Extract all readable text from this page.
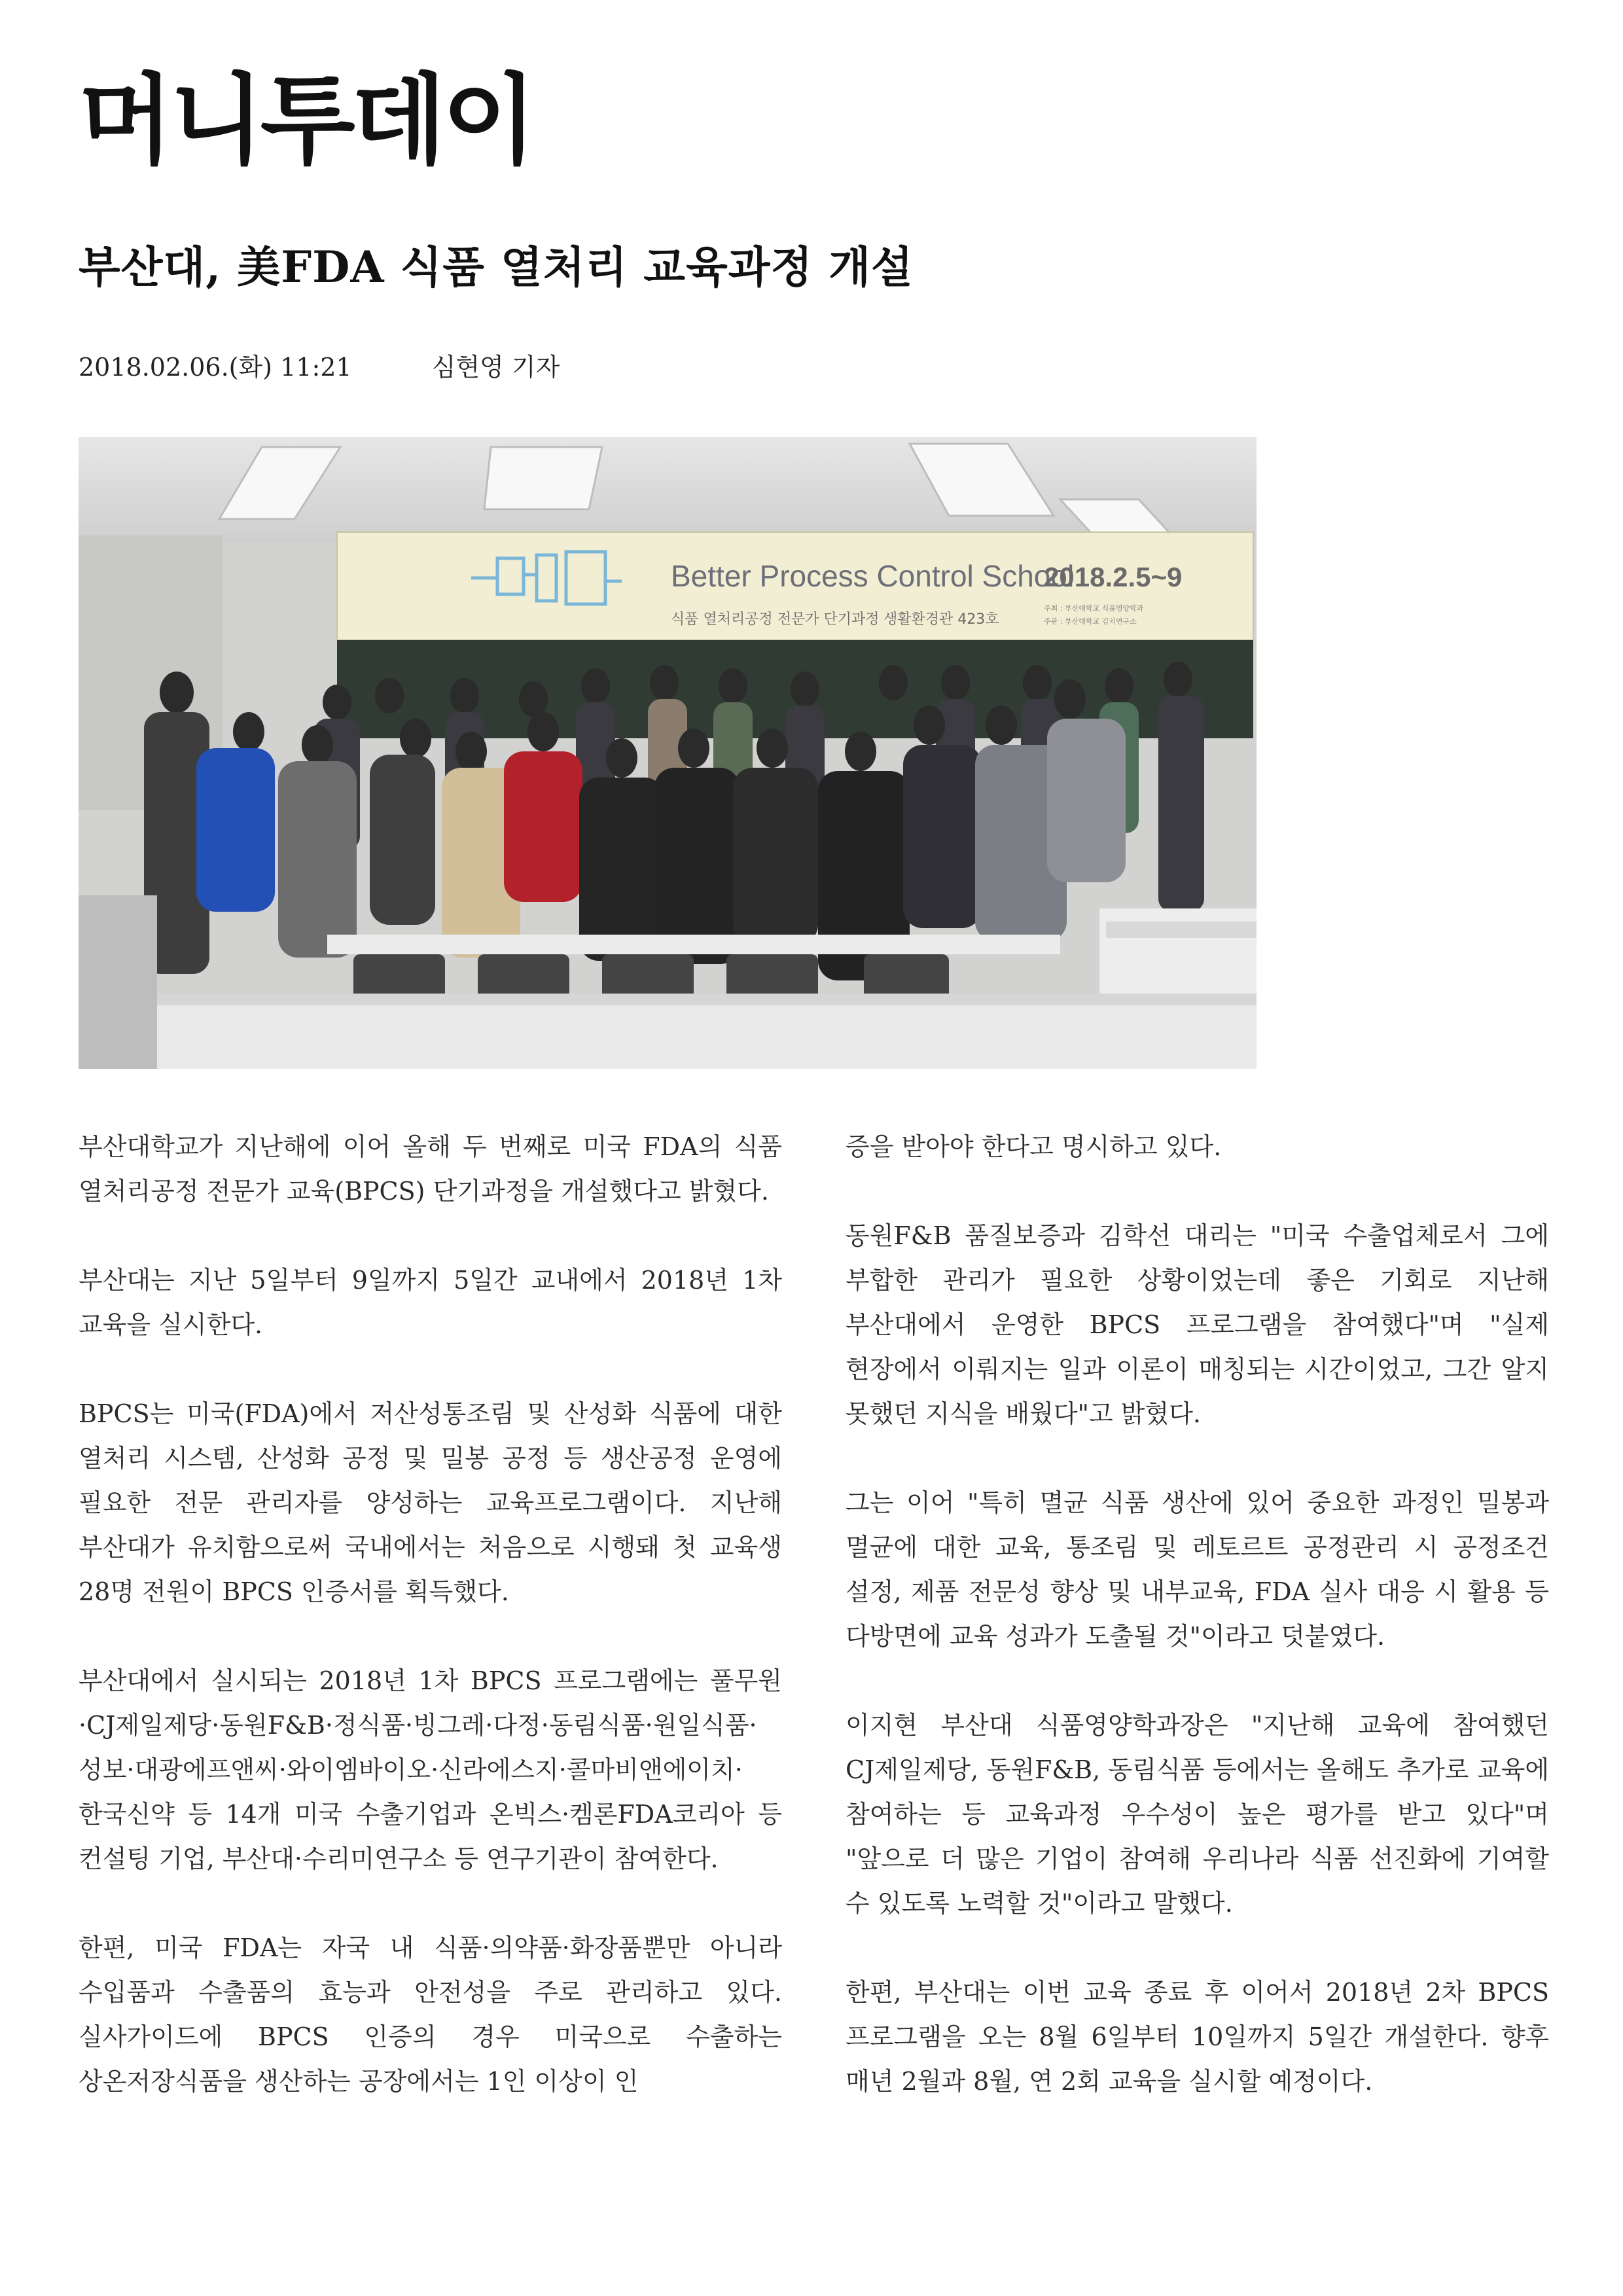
머니투데이
부산대, 美FDA 식품 열처리 교육과정 개설
2018.02.06.(화) 11:21	심현영 기자
Better Process Control School
2018.2.5~9
식품 열처리공정 전문가 단기과정 생활환경관 423호
주최 : 부산대학교 식품영양학과
주관 : 부산대학교 김치연구소

부산대학교가 지난해에 이어 올해 두 번째로 미국 FDA의 식품 열처리공정 전문가 교육(BPCS) 단기과정을 개설했다고 밝혔다.

부산대는 지난 5일부터 9일까지 5일간 교내에서 2018년 1차 교육을 실시한다.

BPCS는 미국(FDA)에서 저산성통조림 및 산성화 식품에 대한 열처리 시스템, 산성화 공정 및 밀봉 공정 등 생산공정 운영에 필요한 전문 관리자를 양성하는 교육프로그램이다. 지난해 부산대가 유치함으로써 국내에서는 처음으로 시행돼 첫 교육생 28명 전원이 BPCS 인증서를 획득했다.

부산대에서 실시되는 2018년 1차 BPCS 프로그램에는 풀무원·CJ제일제당·동원F&B·정식품·빙그레·다정·동림식품·원일식품·성보·대광에프앤씨·와이엠바이오·신라에스지·콜마비앤에이치·한국신약 등 14개 미국 수출기업과 온빅스·켐론FDA코리아 등 컨설팅 기업, 부산대·수리미연구소 등 연구기관이 참여한다.

한편, 미국 FDA는 자국 내 식품·의약품·화장품뿐만 아니라 수입품과 수출품의 효능과 안전성을 주로 관리하고 있다. 실사가이드에 BPCS 인증의 경우 미국으로 수출하는 상온저장식품을 생산하는 공장에서는 1인 이상이 인

증을 받아야 한다고 명시하고 있다.

동원F&B 품질보증과 김학선 대리는 "미국 수출업체로서 그에 부합한 관리가 필요한 상황이었는데 좋은 기회로 지난해 부산대에서 운영한 BPCS 프로그램을 참여했다"며 "실제 현장에서 이뤄지는 일과 이론이 매칭되는 시간이었고, 그간 알지 못했던 지식을 배웠다"고 밝혔다.

그는 이어 "특히 멸균 식품 생산에 있어 중요한 과정인 밀봉과 멸균에 대한 교육, 통조림 및 레토르트 공정관리 시 공정조건 설정, 제품 전문성 향상 및 내부교육, FDA 실사 대응 시 활용 등 다방면에 교육 성과가 도출될 것"이라고 덧붙였다.

이지현 부산대 식품영양학과장은 "지난해 교육에 참여했던 CJ제일제당, 동원F&B, 동림식품 등에서는 올해도 추가로 교육에 참여하는 등 교육과정 우수성이 높은 평가를 받고 있다"며 "앞으로 더 많은 기업이 참여해 우리나라 식품 선진화에 기여할 수 있도록 노력할 것"이라고 말했다.

한편, 부산대는 이번 교육 종료 후 이어서 2018년 2차 BPCS 프로그램을 오는 8월 6일부터 10일까지 5일간 개설한다. 향후 매년 2월과 8월, 연 2회 교육을 실시할 예정이다.
